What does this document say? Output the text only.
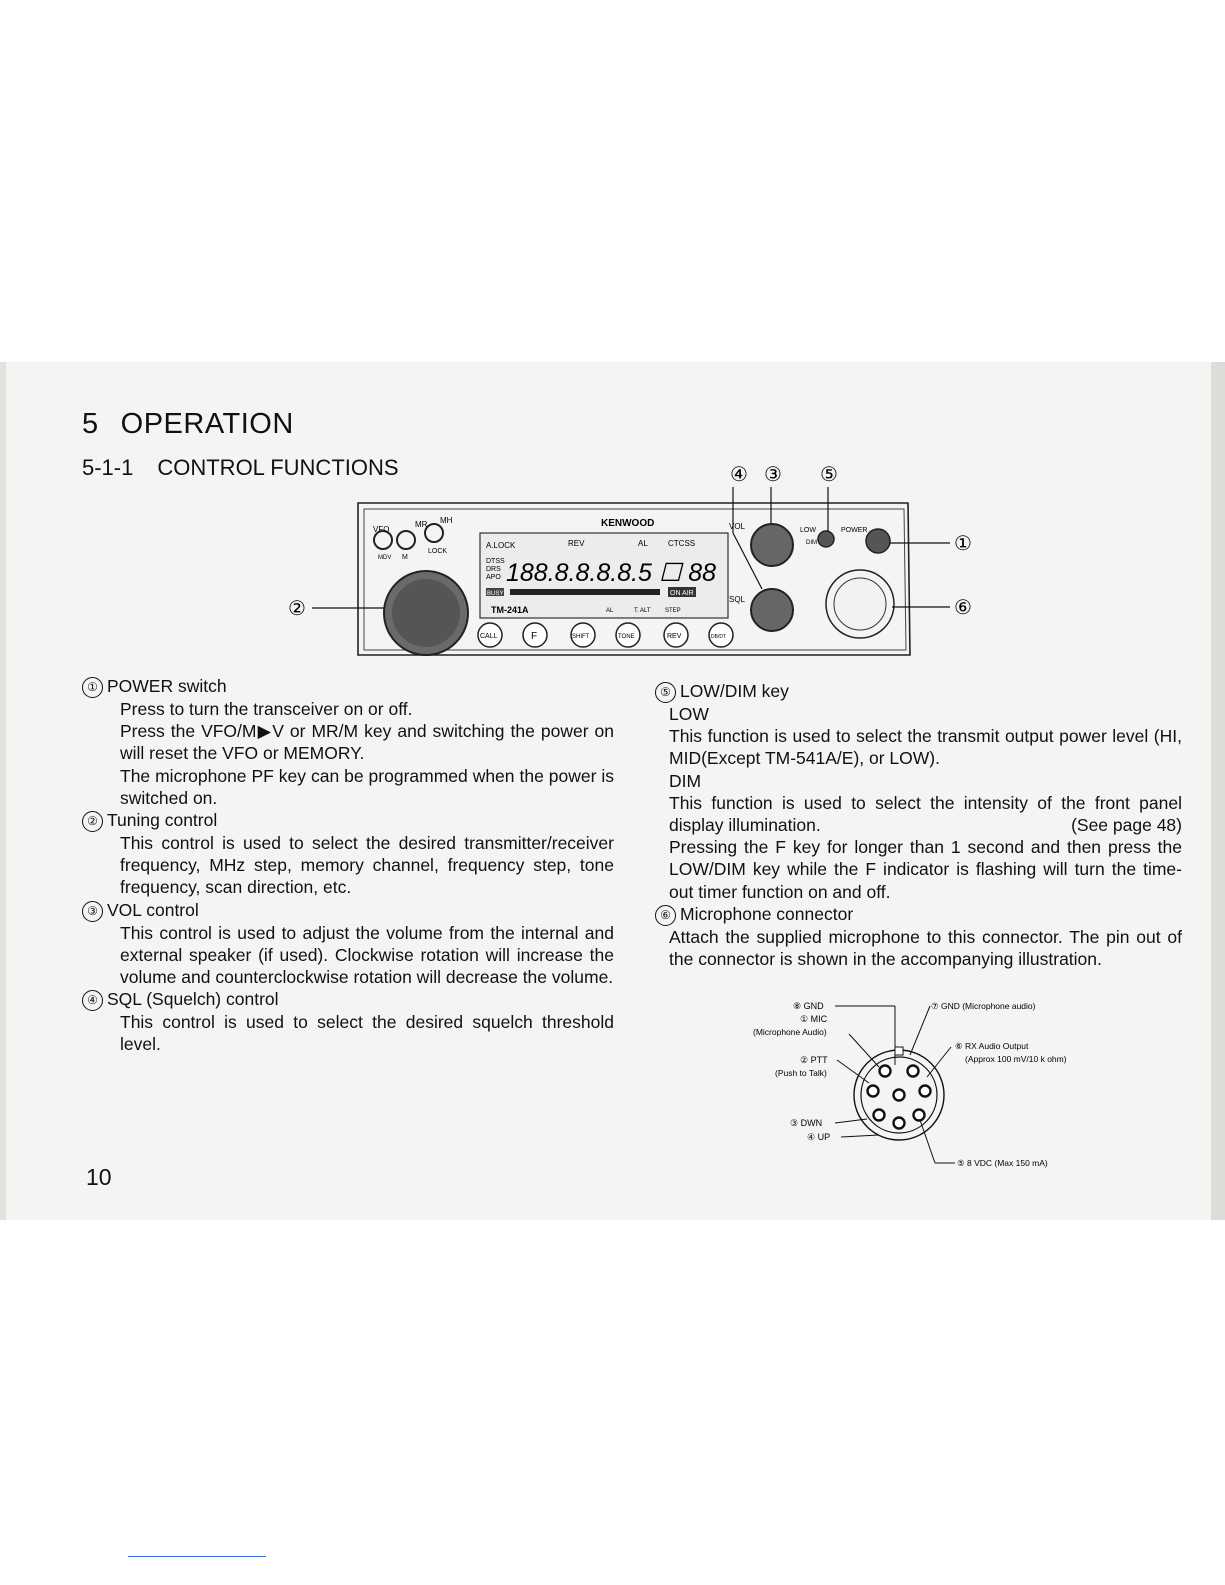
5 OPERATION
5-1-1 CONTROL FUNCTIONS	④ ③ ⑤
VFO
MR MH
M
LOCK
MDV
②
KENWOOD
A.LOCK	REV	AL	CTCSS
DTSS
DRS
APO 188.8.8.8.8.5 ☐ 88
BUSY	ON AIR
TM-241A	AL	T. ALT STEP
CALL	F	SHIFT	TONE	REV	DB/DT
VOL
SQL
LOW
DIM
POWER
①
⑥

① POWER switch

Press to turn the transceiver on or off.

Press the VFO/M▶V or MR/M key and switching the power on will reset the VFO or MEMORY.

The microphone PF key can be programmed when the power is switched on.

② Tuning control

This control is used to select the desired transmitter/receiver frequency, MHz step, memory channel, frequency step, tone frequency, scan direction, etc.

③ VOL control

This control is used to adjust the volume from the internal and external speaker (if used). Clockwise rotation will increase the volume and counterclockwise rotation will decrease the volume.

④ SQL (Squelch) control

This control is used to select the desired squelch threshold level.

⑤ LOW/DIM key

LOW

This function is used to select the transmit output power level (HI, MID(Except TM-541A/E), or LOW).

DIM

This function is used to select the intensity of the front panel display illumination.	(See page 48)

Pressing the F key for longer than 1 second and then press the LOW/DIM key while the F indicator is flashing will turn the time-out timer function on and off.

⑥ Microphone connector

Attach the supplied microphone to this connector. The pin out of the connector is shown in the accompanying illustration.

⑧ GND
① MIC
(Microphone Audio)
② PTT
(Push to Talk)
③ DWN
④ UP
⑦ GND (Microphone audio)
⑥ RX Audio Output
(Approx 100 mV/10 k ohm)
⑤ 8 VDC (Max 150 mA)
10
